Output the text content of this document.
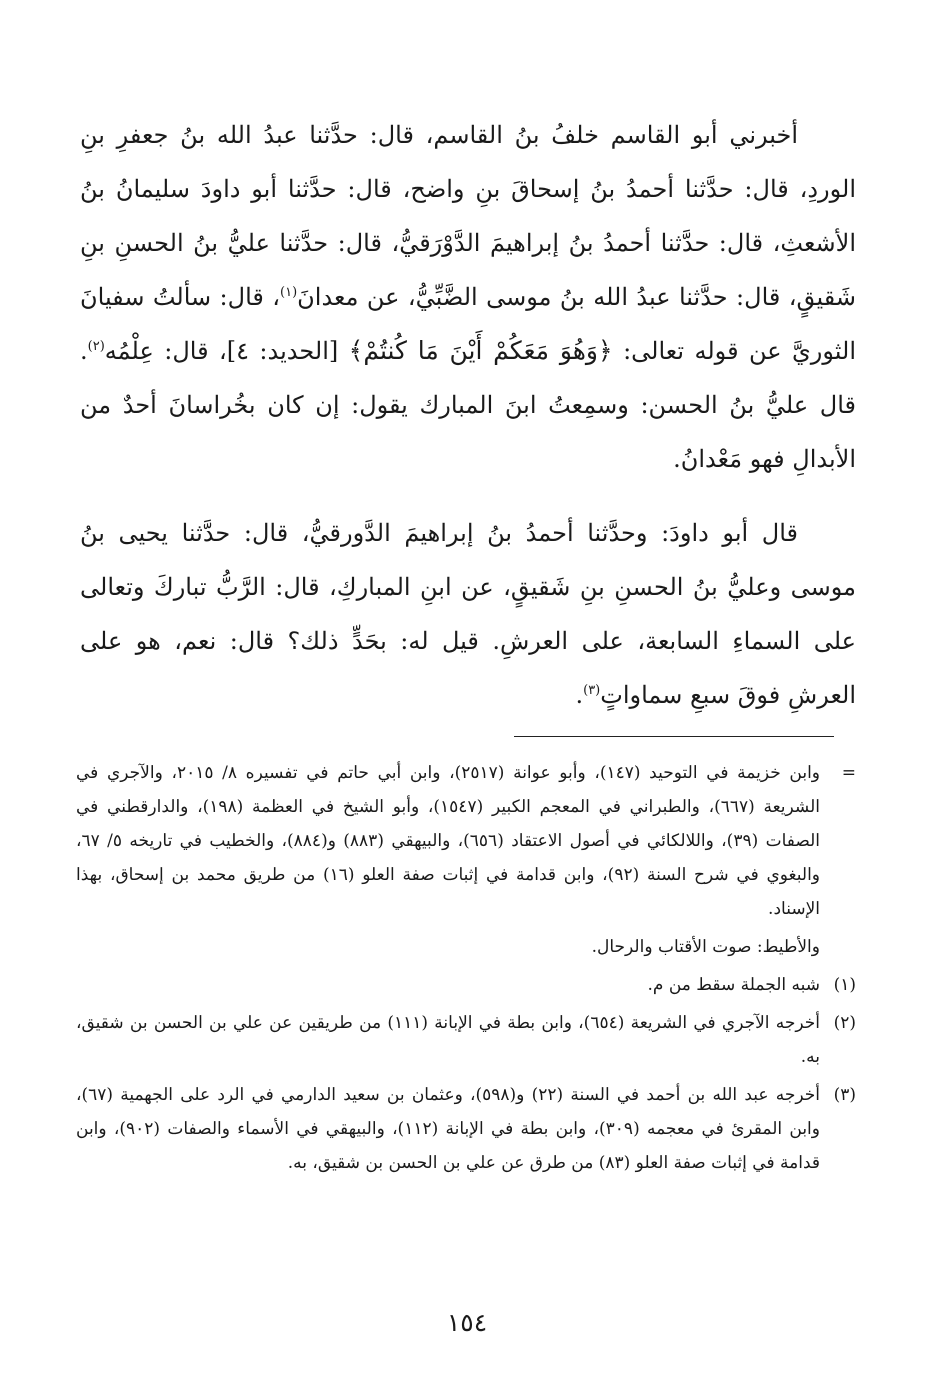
أخبرني أبو القاسم خلفُ بنُ القاسم، قال: حدَّثنا عبدُ الله بنُ جعفرِ بنِ الوردِ، قال: حدَّثنا أحمدُ بنُ إسحاقَ بنِ واضح، قال: حدَّثنا أبو داودَ سليمانُ بنُ الأشعثِ، قال: حدَّثنا أحمدُ بنُ إبراهيمَ الدَّوْرَقيُّ، قال: حدَّثنا عليُّ بنُ الحسنِ بنِ شَقيقٍ، قال: حدَّثنا عبدُ الله بنُ موسى الضَّبِّيُّ، عن معدانَ$^{(١)}$، قال: سألتُ سفيانَ الثوريَّ عن قوله تعالى: ﴿وَهُوَ مَعَكُمْ أَيْنَ مَا كُنتُمْ﴾ [الحديد: ٤]، قال: عِلْمُه$^{(٢)}$. قال عليُّ بنُ الحسن: وسمِعتُ ابنَ المبارك يقول: إن كان بخُراسانَ أحدٌ من الأبدالِ فهو مَعْدانُ.

قال أبو داودَ: وحدَّثنا أحمدُ بنُ إبراهيمَ الدَّورقيُّ، قال: حدَّثنا يحيى بنُ موسى وعليُّ بنُ الحسنِ بنِ شَقيقٍ، عن ابنِ المباركِ، قال: الرَّبُّ تباركَ وتعالى على السماءِ السابعة، على العرشِ. قيل له: بحَدٍّ ذلك؟ قال: نعم، هو على العرشِ فوقَ سبعِ سماواتٍ$^{(٣)}$.

=
وابن خزيمة في التوحيد (١٤٧)، وأبو عوانة (٢٥١٧)، وابن أبي حاتم في تفسيره ٨/ ٢٠١٥، والآجري في الشريعة (٦٦٧)، والطبراني في المعجم الكبير (١٥٤٧)، وأبو الشيخ في العظمة (١٩٨)، والدارقطني في الصفات (٣٩)، واللالكائي في أصول الاعتقاد (٦٥٦)، والبيهقي (٨٨٣) و(٨٨٤)، والخطيب في تاريخه ٥/ ٦٧، والبغوي في شرح السنة (٩٢)، وابن قدامة في إثبات صفة العلو (١٦) من طريق محمد بن إسحاق، بهذا الإسناد.
والأطيط: صوت الأقتاب والرحال.
(١)
شبه الجملة سقط من م.
(٢)
أخرجه الآجري في الشريعة (٦٥٤)، وابن بطة في الإبانة (١١١) من طريقين عن علي بن الحسن بن شقيق، به.
(٣)
أخرجه عبد الله بن أحمد في السنة (٢٢) و(٥٩٨)، وعثمان بن سعيد الدارمي في الرد على الجهمية (٦٧)، وابن المقرئ في معجمه (٣٠٩)، وابن بطة في الإبانة (١١٢)، والبيهقي في الأسماء والصفات (٩٠٢)، وابن قدامة في إثبات صفة العلو (٨٣) من طرق عن علي بن الحسن بن شقيق، به.
١٥٤
